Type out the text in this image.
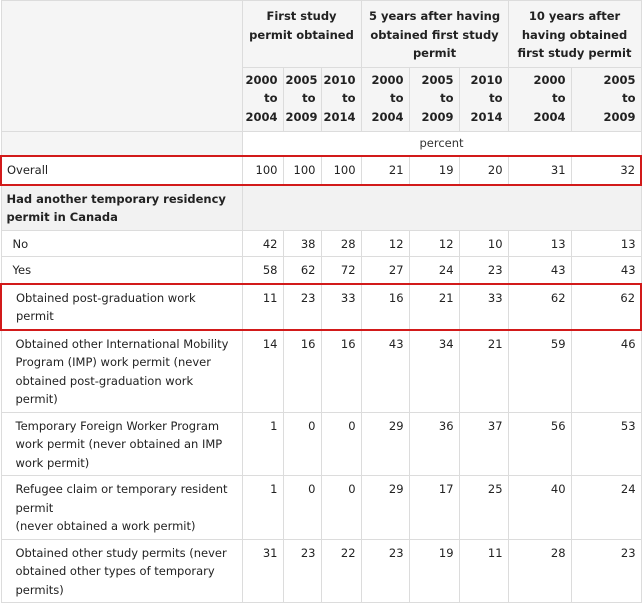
	First study permit obtained			5 years after having obtained first study permit			10 years after having obtained first study permit	

	2000
to
2004	2005
to
2009	2010
to
2014	2000
to
2004	2005
to
2009	2010
to
2014	2000
to
2004	2005
to
2009

	percent							
Overall	100	100	100	21	19	20	31	32
Had another temporary residency permit in Canada								
No	42	38	28	12	12	10	13	13
Yes	58	62	72	27	24	23	43	43
Obtained post-graduation work permit	11	23	33	16	21	33	62	62
Obtained other International Mobility Program (IMP) work permit (never obtained post-graduation work permit)	14	16	16	43	34	21	59	46
Temporary Foreign Worker Program work permit (never obtained an IMP work permit)	1	0	0	29	36	37	56	53

Refugee claim or temporary resident permit
(never obtained a work permit)	1	0	0	29	17	25	40	24
Obtained other study permits (never obtained other types of temporary permits)	31	23	22	23	19	11	28	23
